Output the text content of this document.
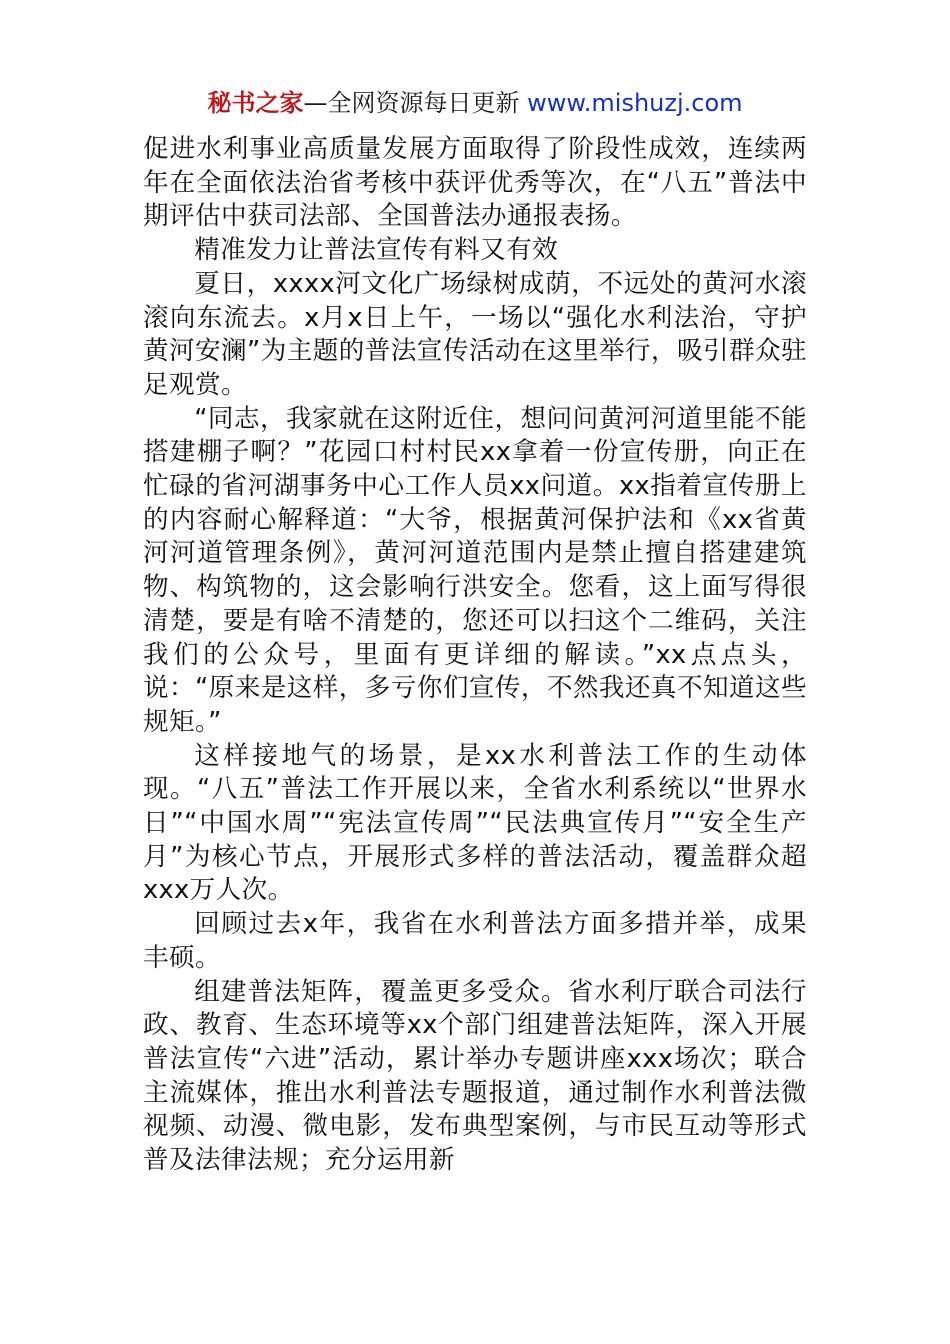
秘书之家—全网资源每日更新 www.mishuzj.com

促进水利事业高质量发展方面取得了阶段性成效，连续两年在全面依法治省考核中获评优秀等次，在“八五”普法中期评估中获司法部、全国普法办通报表扬。

精准发力让普法宣传有料又有效

夏日，xxxx河文化广场绿树成荫，不远处的黄河水滚滚向东流去。x月x日上午，一场以“强化水利法治，守护黄河安澜”为主题的普法宣传活动在这里举行，吸引群众驻足观赏。

“同志，我家就在这附近住，想问问黄河河道里能不能搭建棚子啊？”花园口村村民xx拿着一份宣传册，向正在忙碌的省河湖事务中心工作人员xx问道。xx指着宣传册上的内容耐心解释道：“大爷，根据黄河保护法和《xx省黄河河道管理条例》，黄河河道范围内是禁止擅自搭建建筑物、构筑物的，这会影响行洪安全。您看，这上面写得很清楚，要是有啥不清楚的，您还可以扫这个二维码，关注我们的公众号，里面有更详细的解读。”xx点点头，说：“原来是这样，多亏你们宣传，不然我还真不知道这些规矩。”

这样接地气的场景，是xx水利普法工作的生动体现。“八五”普法工作开展以来，全省水利系统以“世界水日”“中国水周”“宪法宣传周”“民法典宣传月”“安全生产月”为核心节点，开展形式多样的普法活动，覆盖群众超xxx万人次。

回顾过去x年，我省在水利普法方面多措并举，成果丰硕。

组建普法矩阵，覆盖更多受众。省水利厅联合司法行政、教育、生态环境等xx个部门组建普法矩阵，深入开展普法宣传“六进”活动，累计举办专题讲座xxx场次；联合主流媒体，推出水利普法专题报道，通过制作水利普法微视频、动漫、微电影，发布典型案例，与市民互动等形式普及法律法规；充分运用新
